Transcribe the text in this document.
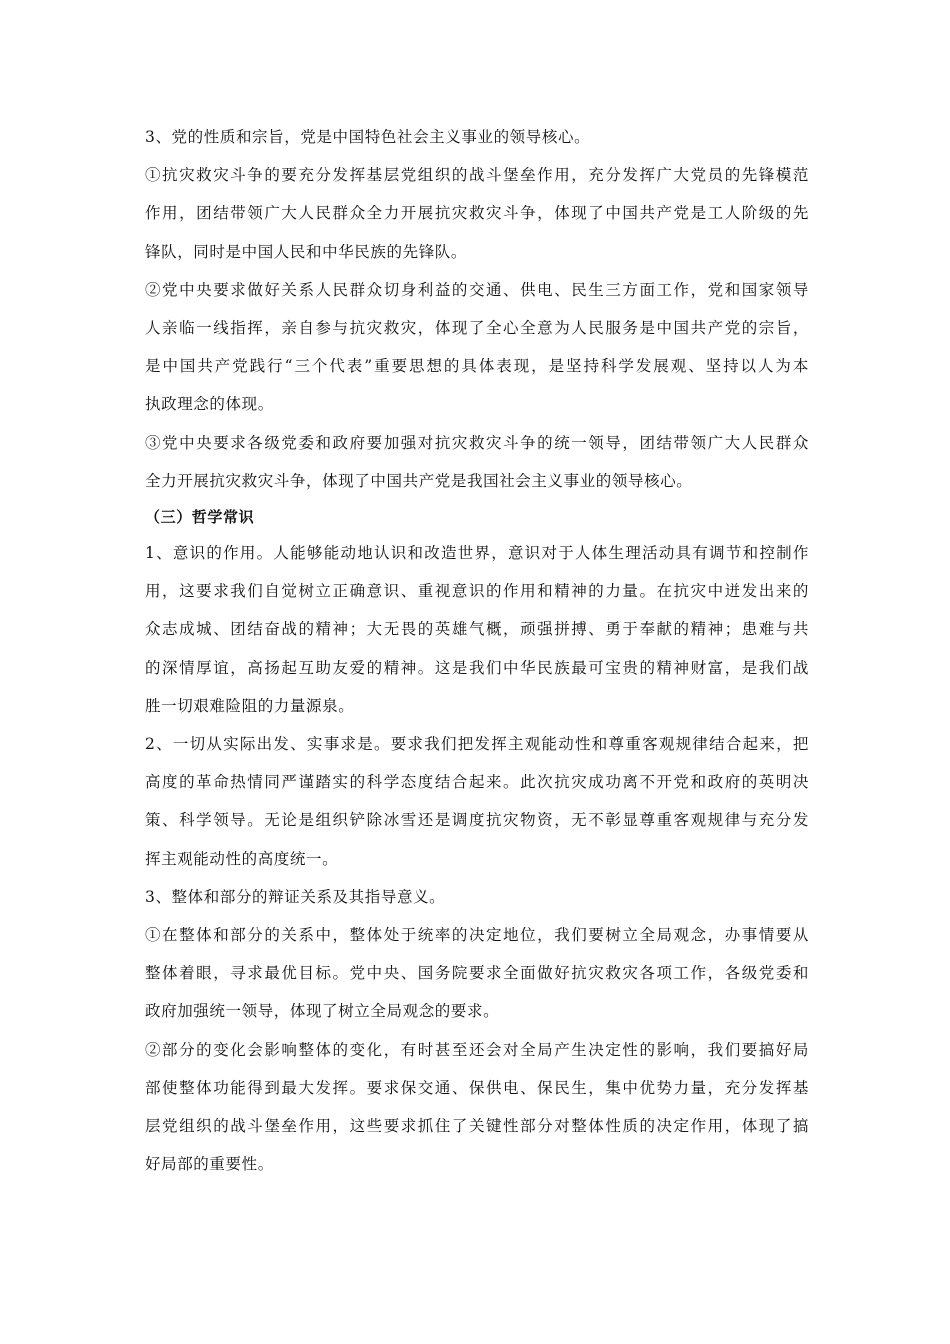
3、党的性质和宗旨，党是中国特色社会主义事业的领导核心。
①抗灾救灾斗争的要充分发挥基层党组织的战斗堡垒作用，充分发挥广大党员的先锋模范
作用，团结带领广大人民群众全力开展抗灾救灾斗争，体现了中国共产党是工人阶级的先
锋队，同时是中国人民和中华民族的先锋队。
②党中央要求做好关系人民群众切身利益的交通、供电、民生三方面工作，党和国家领导
人亲临一线指挥，亲自参与抗灾救灾，体现了全心全意为人民服务是中国共产党的宗旨，
是中国共产党践行“三个代表”重要思想的具体表现，是坚持科学发展观、坚持以人为本
执政理念的体现。
③党中央要求各级党委和政府要加强对抗灾救灾斗争的统一领导，团结带领广大人民群众
全力开展抗灾救灾斗争，体现了中国共产党是我国社会主义事业的领导核心。
（三）哲学常识
1、意识的作用。人能够能动地认识和改造世界，意识对于人体生理活动具有调节和控制作
用，这要求我们自觉树立正确意识、重视意识的作用和精神的力量。在抗灾中迸发出来的
众志成城、团结奋战的精神；大无畏的英雄气概，顽强拼搏、勇于奉献的精神；患难与共
的深情厚谊，高扬起互助友爱的精神。这是我们中华民族最可宝贵的精神财富，是我们战
胜一切艰难险阻的力量源泉。
2、一切从实际出发、实事求是。要求我们把发挥主观能动性和尊重客观规律结合起来，把
高度的革命热情同严谨踏实的科学态度结合起来。此次抗灾成功离不开党和政府的英明决
策、科学领导。无论是组织铲除冰雪还是调度抗灾物资，无不彰显尊重客观规律与充分发
挥主观能动性的高度统一。
3、整体和部分的辩证关系及其指导意义。
①在整体和部分的关系中，整体处于统率的决定地位，我们要树立全局观念，办事情要从
整体着眼，寻求最优目标。党中央、国务院要求全面做好抗灾救灾各项工作，各级党委和
政府加强统一领导，体现了树立全局观念的要求。
②部分的变化会影响整体的变化，有时甚至还会对全局产生决定性的影响，我们要搞好局
部使整体功能得到最大发挥。要求保交通、保供电、保民生，集中优势力量，充分发挥基
层党组织的战斗堡垒作用，这些要求抓住了关键性部分对整体性质的决定作用，体现了搞
好局部的重要性。
